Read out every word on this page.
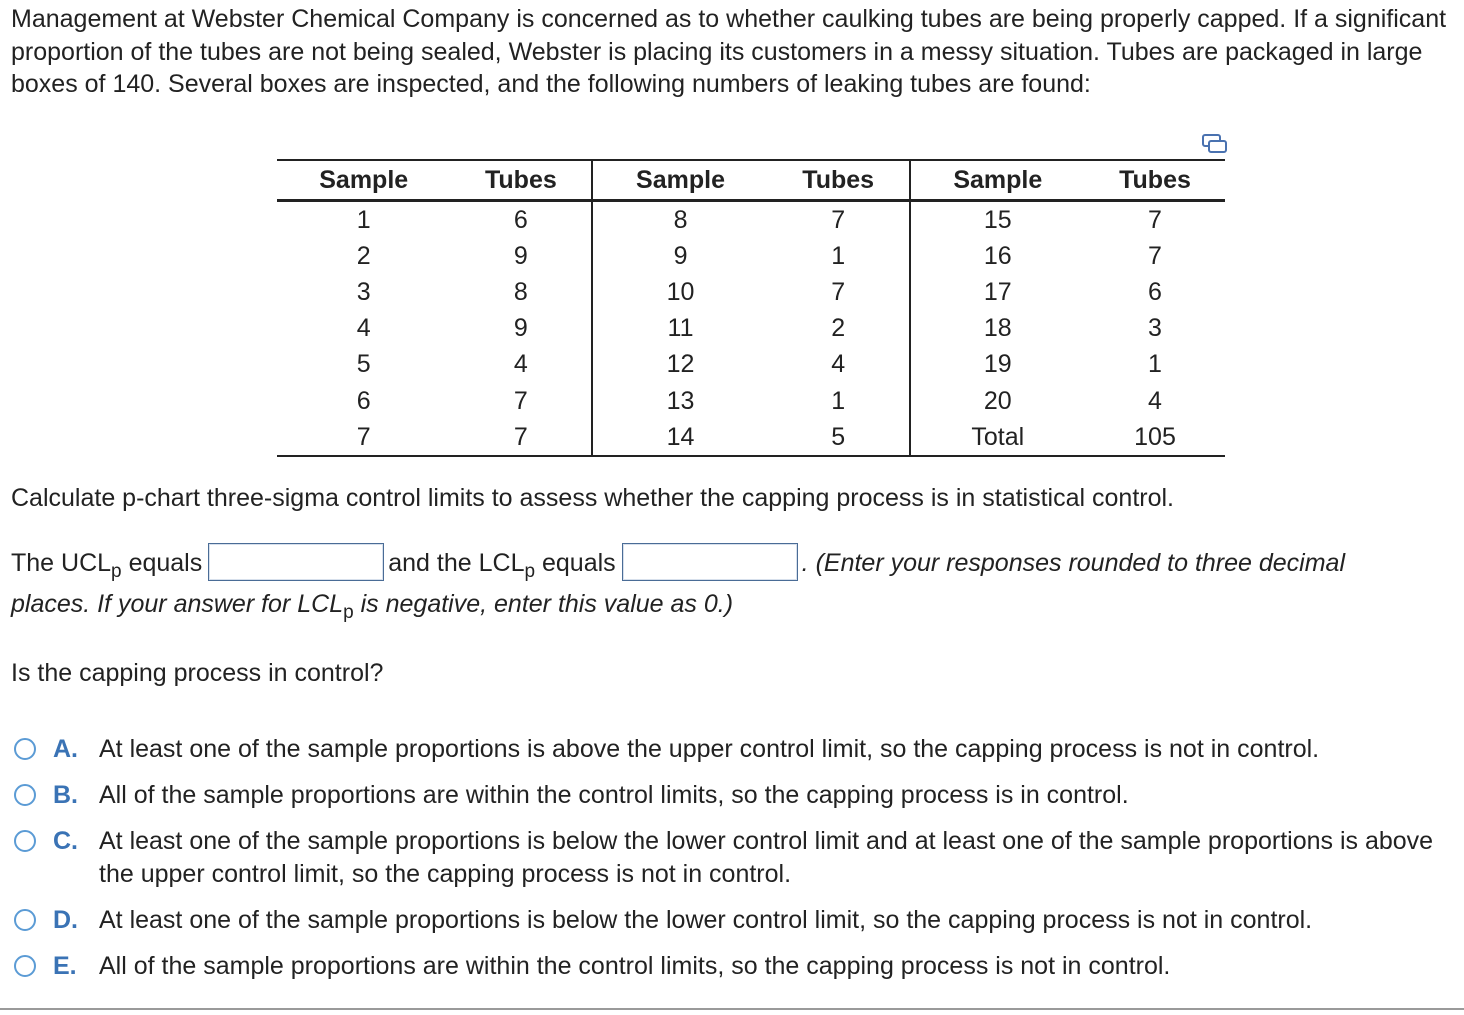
Management at Webster Chemical Company is concerned as to whether caulking tubes are being properly capped. If a significant proportion of the tubes are not being sealed, Webster is placing its customers in a messy situation. Tubes are packaged in large boxes of 140. Several boxes are inspected, and the following numbers of leaking tubes are found:

Sample	Tubes	Sample	Tubes	Sample	Tubes
1	6	8	7	15	7
2	9	9	1	16	7
3	8	10	7	17	6
4	9	11	2	18	3
5	4	12	4	19	1
6	7	13	1	20	4
7	7	14	5	Total	105

Calculate p-chart three-sigma control limits to assess whether the capping process is in statistical control.

The $UCL_p$ equals	and the $LCL_p$ equals	. (Enter your responses rounded to three decimal
places. If your answer for $LCL_p$ is negative, enter this value as 0.)

Is the capping process in control?

A. At least one of the sample proportions is above the upper control limit, so the capping process is not in control.
B. All of the sample proportions are within the control limits, so the capping process is in control.
C. At least one of the sample proportions is below the lower control limit and at least one of the sample proportions is above the upper control limit, so the capping process is not in control.
D. At least one of the sample proportions is below the lower control limit, so the capping process is not in control.
E. All of the sample proportions are within the control limits, so the capping process is not in control.
